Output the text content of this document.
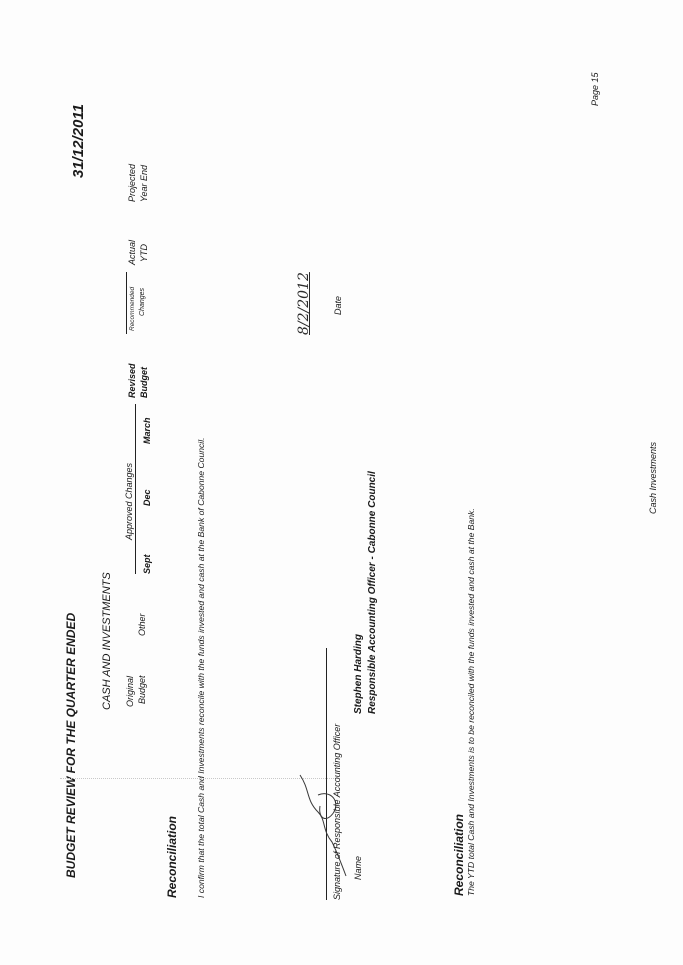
BUDGET REVIEW FOR THE QUARTER ENDED
31/12/2011
CASH AND INVESTMENTS Original Budget
Other
Approved Changes
Sept
Dec
March
Revised Budget
Recommended Changes
Actual YTD
Projected Year End
Reconciliation I confirm that the total Cash and Investments reconcile with the funds invested and cash at the Bank of Cabonne Council.
8/2/2012 Date
Signature of Responsible Accounting Officer Name
Stephen Harding Responsible Accounting Officer - Cabonne Council
Reconciliation The YTD total Cash and Investments is to be reconciled with the funds invested and cash at the Bank.
Cash Investments
Page 15
